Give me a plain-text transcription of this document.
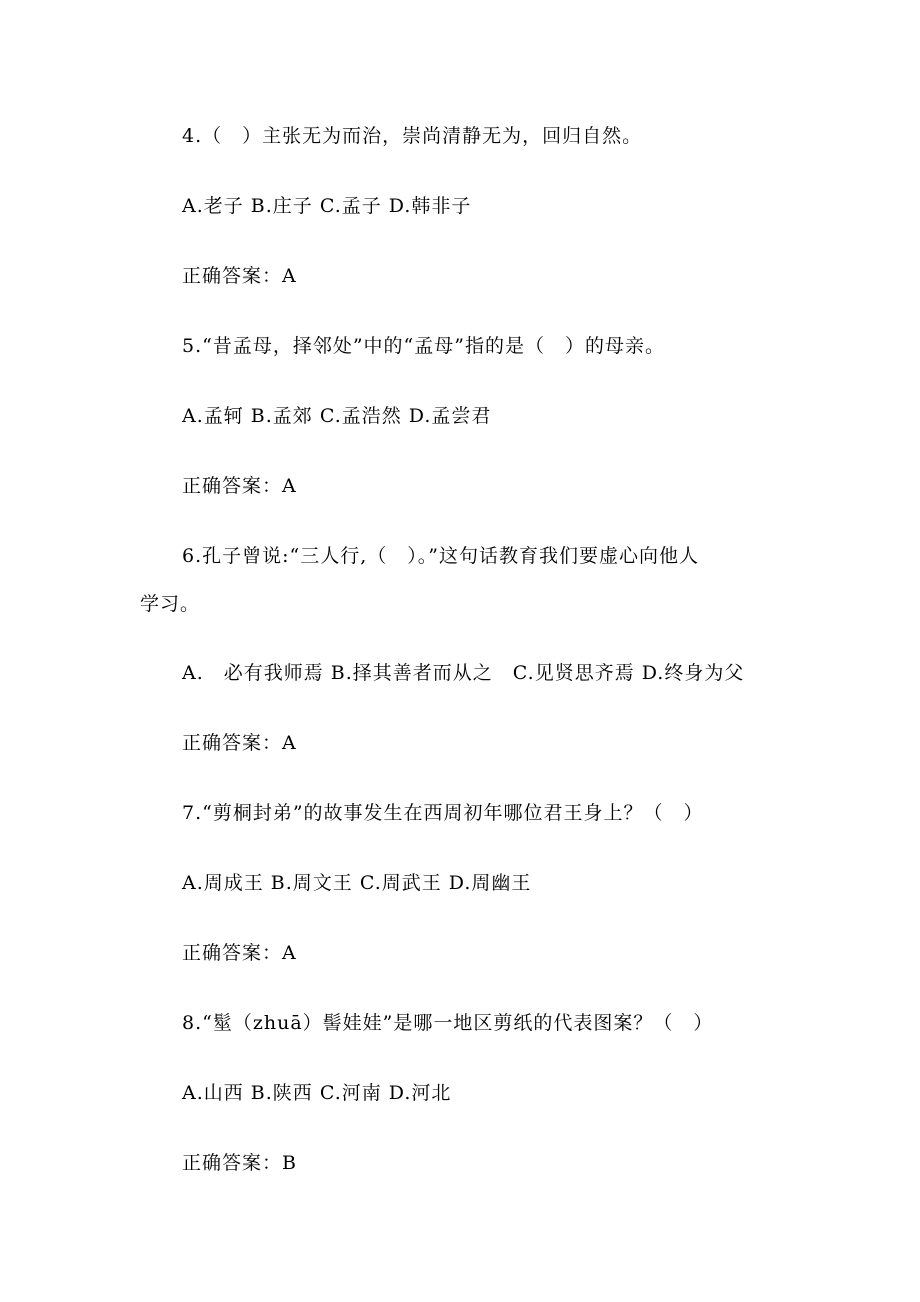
4.（　）主张无为而治，崇尚清静无为，回归自然。
A.老子 B.庄子 C.孟子 D.韩非子
正确答案：A
5.“昔孟母，择邻处”中的“孟母”指的是（　）的母亲。
A.孟轲 B.孟郊 C.孟浩然 D.孟尝君
正确答案：A
6.孔子曾说:“三人行,（　）。”这句话教育我们要虚心向他人
学习。
A.　必有我师焉 B.择其善者而从之　C.见贤思齐焉 D.终身为父
正确答案：A
7.“剪桐封弟”的故事发生在西周初年哪位君王身上？（　）
A.周成王 B.周文王 C.周武王 D.周幽王
正确答案：A
8.“髽（zhuā）髻娃娃”是哪一地区剪纸的代表图案？（　）
A.山西 B.陕西 C.河南 D.河北
正确答案：B
